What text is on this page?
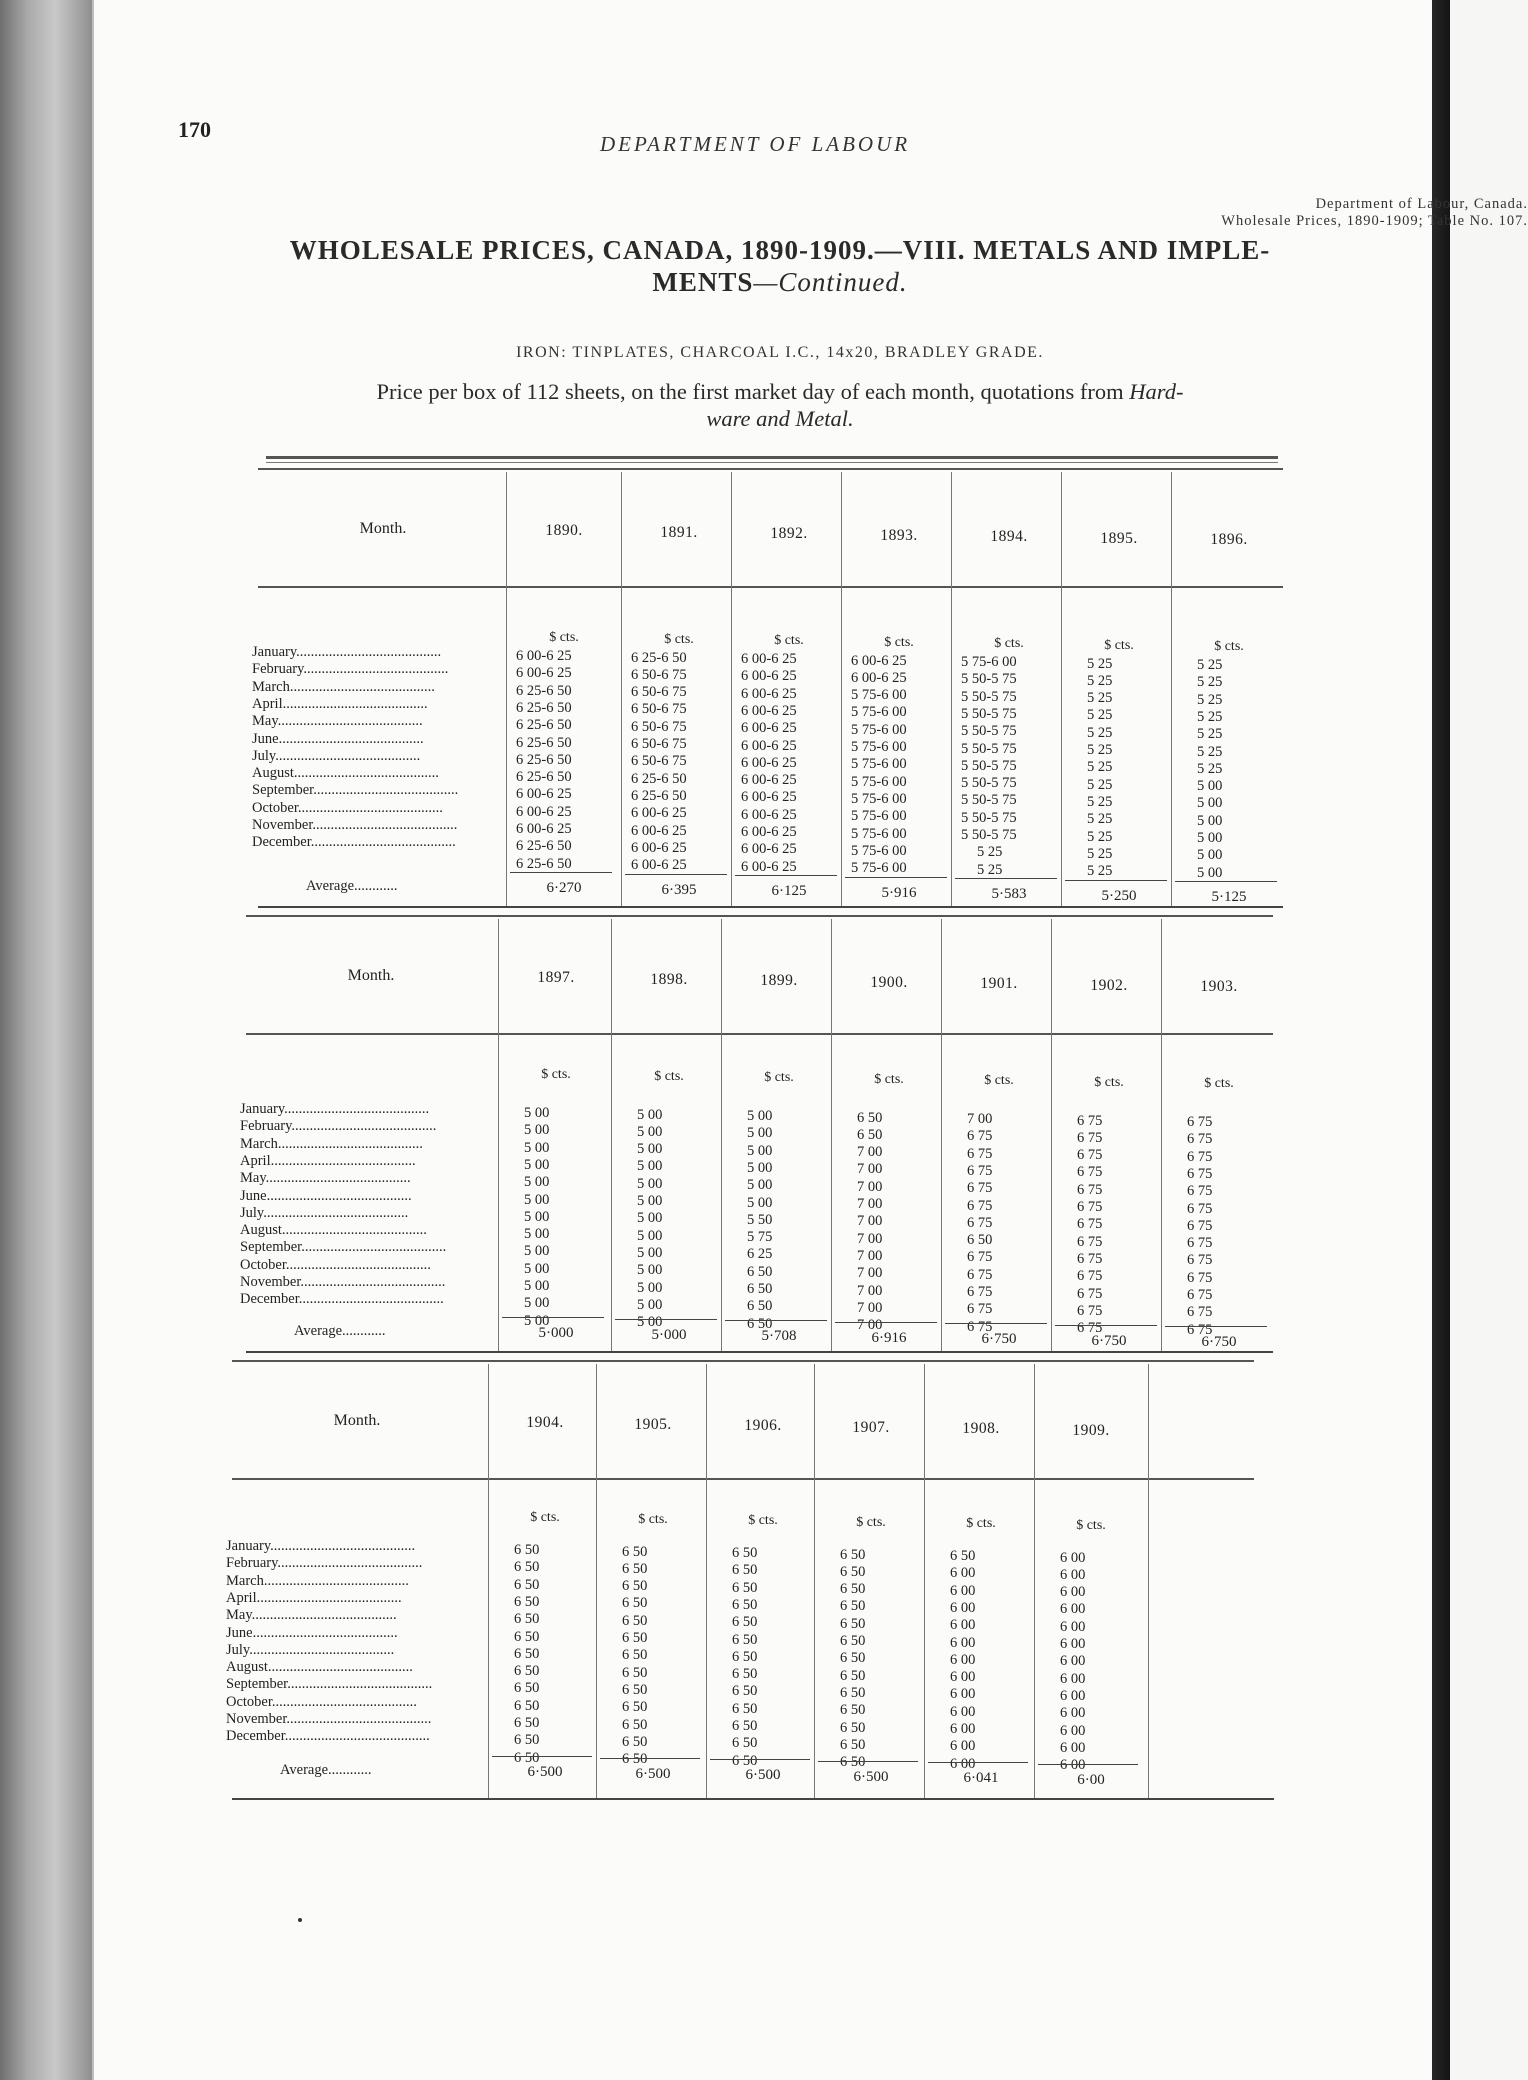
170
DEPARTMENT OF LABOUR
Department of Labour, Canada.
Wholesale Prices, 1890-1909; Table No. 107.
WHOLESALE PRICES, CANADA, 1890-1909.—VIII. METALS AND IMPLE-
MENTS—Continued.
IRON: TINPLATES, CHARCOAL I.C., 14x20, BRADLEY GRADE.
Price per box of 112 sheets, on the first market day of each month, quotations from Hard-
ware and Metal.
Month.
January........................................
February........................................
March........................................
April........................................
May........................................
June........................................
July........................................
August........................................
September........................................
October........................................
November........................................
December........................................
Average............
1890.
$ cts.
6 00-6 25
6 00-6 25
6 25-6 50
6 25-6 50
6 25-6 50
6 25-6 50
6 25-6 50
6 25-6 50
6 00-6 25
6 00-6 25
6 00-6 25
6 25-6 50
6 25-6 50
6·270
1891.
$ cts.
6 25-6 50
6 50-6 75
6 50-6 75
6 50-6 75
6 50-6 75
6 50-6 75
6 50-6 75
6 25-6 50
6 25-6 50
6 00-6 25
6 00-6 25
6 00-6 25
6 00-6 25
6·395
1892.
$ cts.
6 00-6 25
6 00-6 25
6 00-6 25
6 00-6 25
6 00-6 25
6 00-6 25
6 00-6 25
6 00-6 25
6 00-6 25
6 00-6 25
6 00-6 25
6 00-6 25
6 00-6 25
6·125
1893.
$ cts.
6 00-6 25
6 00-6 25
5 75-6 00
5 75-6 00
5 75-6 00
5 75-6 00
5 75-6 00
5 75-6 00
5 75-6 00
5 75-6 00
5 75-6 00
5 75-6 00
5 75-6 00
5·916
1894.
$ cts.
5 75-6 00
5 50-5 75
5 50-5 75
5 50-5 75
5 50-5 75
5 50-5 75
5 50-5 75
5 50-5 75
5 50-5 75
5 50-5 75
5 50-5 75
5 25
5 25
5·583
1895.
$ cts.
5 25
5 25
5 25
5 25
5 25
5 25
5 25
5 25
5 25
5 25
5 25
5 25
5 25
5·250
1896.
$ cts.
5 25
5 25
5 25
5 25
5 25
5 25
5 25
5 00
5 00
5 00
5 00
5 00
5 00
5·125
Month.
January........................................
February........................................
March........................................
April........................................
May........................................
June........................................
July........................................
August........................................
September........................................
October........................................
November........................................
December........................................
Average............
1897.
$ cts.
5 00
5 00
5 00
5 00
5 00
5 00
5 00
5 00
5 00
5 00
5 00
5 00
5 00
5·000
1898.
$ cts.
5 00
5 00
5 00
5 00
5 00
5 00
5 00
5 00
5 00
5 00
5 00
5 00
5 00
5·000
1899.
$ cts.
5 00
5 00
5 00
5 00
5 00
5 00
5 50
5 75
6 25
6 50
6 50
6 50
6 50
5·708
1900.
$ cts.
6 50
6 50
7 00
7 00
7 00
7 00
7 00
7 00
7 00
7 00
7 00
7 00
7 00
6·916
1901.
$ cts.
7 00
6 75
6 75
6 75
6 75
6 75
6 75
6 50
6 75
6 75
6 75
6 75
6 75
6·750
1902.
$ cts.
6 75
6 75
6 75
6 75
6 75
6 75
6 75
6 75
6 75
6 75
6 75
6 75
6 75
6·750
1903.
$ cts.
6 75
6 75
6 75
6 75
6 75
6 75
6 75
6 75
6 75
6 75
6 75
6 75
6 75
6·750
Month.
January........................................
February........................................
March........................................
April........................................
May........................................
June........................................
July........................................
August........................................
September........................................
October........................................
November........................................
December........................................
Average............
1904.
$ cts.
6 50
6 50
6 50
6 50
6 50
6 50
6 50
6 50
6 50
6 50
6 50
6 50
6 50
6·500
1905.
$ cts.
6 50
6 50
6 50
6 50
6 50
6 50
6 50
6 50
6 50
6 50
6 50
6 50
6 50
6·500
1906.
$ cts.
6 50
6 50
6 50
6 50
6 50
6 50
6 50
6 50
6 50
6 50
6 50
6 50
6 50
6·500
1907.
$ cts.
6 50
6 50
6 50
6 50
6 50
6 50
6 50
6 50
6 50
6 50
6 50
6 50
6 50
6·500
1908.
$ cts.
6 50
6 00
6 00
6 00
6 00
6 00
6 00
6 00
6 00
6 00
6 00
6 00
6 00
6·041
1909.
$ cts.
6 00
6 00
6 00
6 00
6 00
6 00
6 00
6 00
6 00
6 00
6 00
6 00
6 00
6·00
